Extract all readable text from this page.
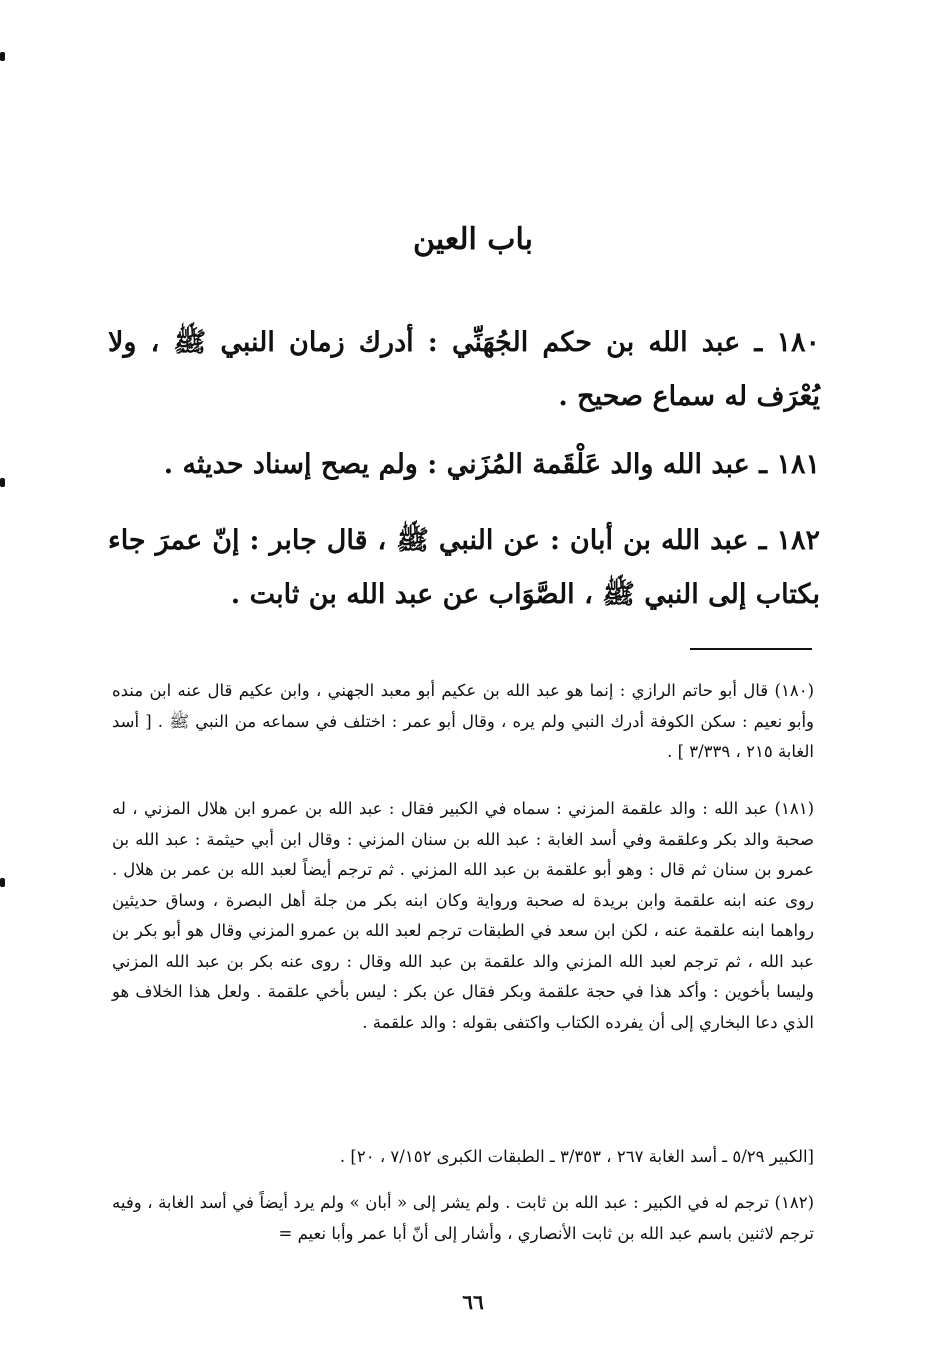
باب العين

١٨٠ ـ عبد الله بن حكم الجُهَنِّي : أدرك زمان النبي ﷺ ، ولا يُعْرَف له سماع صحيح .

١٨١ ـ عبد الله والد عَلْقَمة المُزَني : ولم يصح إسناد حديثه .

١٨٢ ـ عبد الله بن أبان : عن النبي ﷺ ، قال جابر : إنّ عمرَ جاء بكتاب إلى النبي ﷺ ، الصَّوَاب عن عبد الله بن ثابت .

(١٨٠) قال أبو حاتم الرازي : إنما هو عبد الله بن عكيم أبو معبد الجهني ، وابن عكيم قال عنه ابن منده وأبو نعيم : سكن الكوفة أدرك النبي ولم يره ، وقال أبو عمر : اختلف في سماعه من النبي ﷺ . [ أسد الغابة ٢١٥ ، ٣/٣٣٩ ] .

(١٨١) عبد الله : والد علقمة المزني : سماه في الكبير فقال : عبد الله بن عمرو ابن هلال المزني ، له صحبة والد بكر وعلقمة وفي أسد الغابة : عبد الله بن سنان المزني : وقال ابن أبي حيثمة : عبد الله بن عمرو بن سنان ثم قال : وهو أبو علقمة بن عبد الله المزني . ثم ترجم أيضاً لعبد الله بن عمر بن هلال . روى عنه ابنه علقمة وابن بريدة له صحبة ورواية وكان ابنه بكر من جلة أهل البصرة ، وساق حديثين رواهما ابنه علقمة عنه ، لكن ابن سعد في الطبقات ترجم لعبد الله بن عمرو المزني وقال هو أبو بكر بن عبد الله ، ثم ترجم لعبد الله المزني والد علقمة بن عبد الله وقال : روى عنه بكر بن عبد الله المزني وليسا بأخوين : وأكد هذا في حجة علقمة وبكر فقال عن بكر : ليس بأخي علقمة . ولعل هذا الخلاف هو الذي دعا البخاري إلى أن يفرده الكتاب واكتفى بقوله : والد علقمة .

[الكبير ٥/٢٩ ـ أسد الغابة ٢٦٧ ، ٣/٣٥٣ ـ الطبقات الكبرى ٧/١٥٢ ، ٢٠] .

(١٨٢) ترجم له في الكبير : عبد الله بن ثابت . ولم يشر إلى « أبان » ولم يرد أيضاً في أسد الغابة ، وفيه ترجم لاثنين باسم عبد الله بن ثابت الأنصاري ، وأشار إلى أنّ أبا عمر وأبا نعيم =

٦٦
